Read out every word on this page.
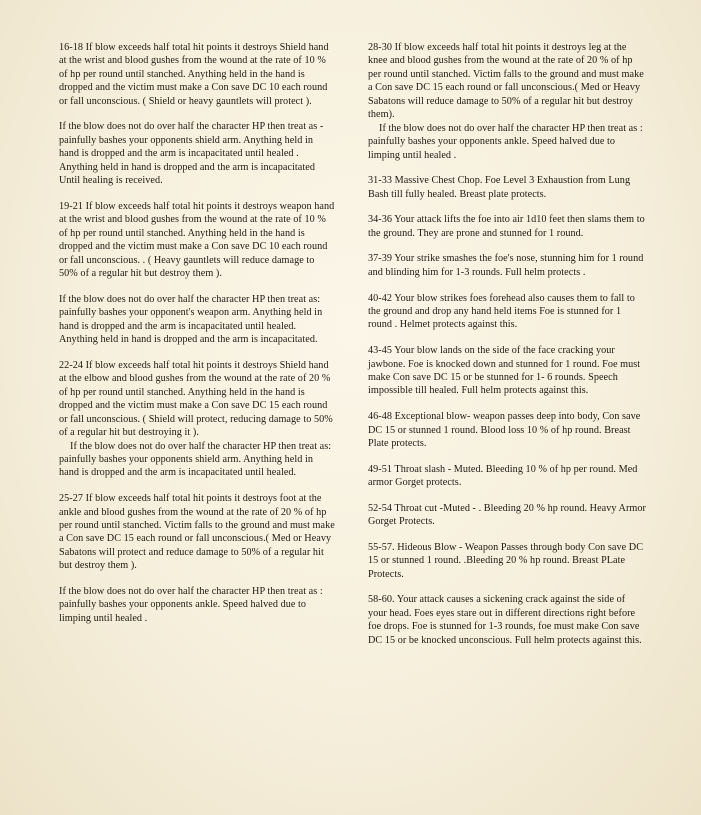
16-18 If blow exceeds half total hit points it destroys Shield hand at the wrist and blood gushes from the wound at the rate of 10 % of hp per round until stanched. Anything held in the hand is dropped and the victim must make a Con save DC 10 each round or fall unconscious. ( Shield or heavy gauntlets will protect ).

If the blow does not do over half the character HP then treat as - painfully bashes your opponents shield arm. Anything held in hand is dropped and the arm is incapacitated until healed . Anything held in hand is dropped and the arm is incapacitated Until healing is received.

19-21 If blow exceeds half total hit points it destroys weapon hand at the wrist and blood gushes from the wound at the rate of 10 % of hp per round until stanched. Anything held in the hand is dropped and the victim must make a Con save DC 10 each round or fall unconscious. . ( Heavy gauntlets will reduce damage to 50% of a regular hit but destroy them ).

If the blow does not do over half the character HP then treat as: painfully bashes your opponent's weapon arm. Anything held in hand is dropped and the arm is incapacitated until healed. Anything held in hand is dropped and the arm is incapacitated.

22-24 If blow exceeds half total hit points it destroys Shield hand at the elbow and blood gushes from the wound at the rate of 20 % of hp per round until stanched. Anything held in the hand is dropped and the victim must make a Con save DC 15 each round or fall unconscious. ( Shield will protect, reducing damage to 50% of a regular hit but destroying it ).

If the blow does not do over half the character HP then treat as: painfully bashes your opponents shield arm. Anything held in hand is dropped and the arm is incapacitated until healed.

25-27 If blow exceeds half total hit points it destroys foot at the ankle and blood gushes from the wound at the rate of 20 % of hp per round until stanched. Victim falls to the ground and must make a Con save DC 15 each round or fall unconscious.( Med or Heavy Sabatons will protect and reduce damage to 50% of a regular hit but destroy them ).

If the blow does not do over half the character HP then treat as : painfully bashes your opponents ankle. Speed halved due to limping until healed .

28-30 If blow exceeds half total hit points it destroys leg at the knee and blood gushes from the wound at the rate of 20 % of hp per round until stanched. Victim falls to the ground and must make a Con save DC 15 each round or fall unconscious.( Med or Heavy Sabatons will reduce damage to 50% of a regular hit but destroy them).

If the blow does not do over half the character HP then treat as : painfully bashes your opponents ankle. Speed halved due to limping until healed .

31-33 Massive Chest Chop. Foe Level 3 Exhaustion from Lung Bash till fully healed. Breast plate protects.

34-36 Your attack lifts the foe into air 1d10 feet then slams them to the ground. They are prone and stunned for 1 round.

37-39 Your strike smashes the foe's nose, stunning him for 1 round and blinding him for 1-3 rounds. Full helm protects .

40-42 Your blow strikes foes forehead also causes them to fall to the ground and drop any hand held items Foe is stunned for 1 round . Helmet protects against this.

43-45 Your blow lands on the side of the face cracking your jawbone. Foe is knocked down and stunned for 1 round. Foe must make Con save DC 15 or be stunned for 1- 6 rounds. Speech impossible till healed. Full helm protects against this.

46-48 Exceptional blow- weapon passes deep into body, Con save DC 15 or stunned 1 round. Blood loss 10 % of hp round. Breast Plate protects.

49-51 Throat slash - Muted. Bleeding 10 % of hp per round. Med armor Gorget protects.

52-54 Throat cut -Muted - . Bleeding 20 % hp round. Heavy Armor Gorget Protects.

55-57. Hideous Blow - Weapon Passes through body Con save DC 15 or stunned 1 round. .Bleeding 20 % hp round. Breast PLate Protects.

58-60. Your attack causes a sickening crack against the side of your head. Foes eyes stare out in different directions right before foe drops. Foe is stunned for 1-3 rounds, foe must make Con save DC 15 or be knocked unconscious. Full helm protects against this.
